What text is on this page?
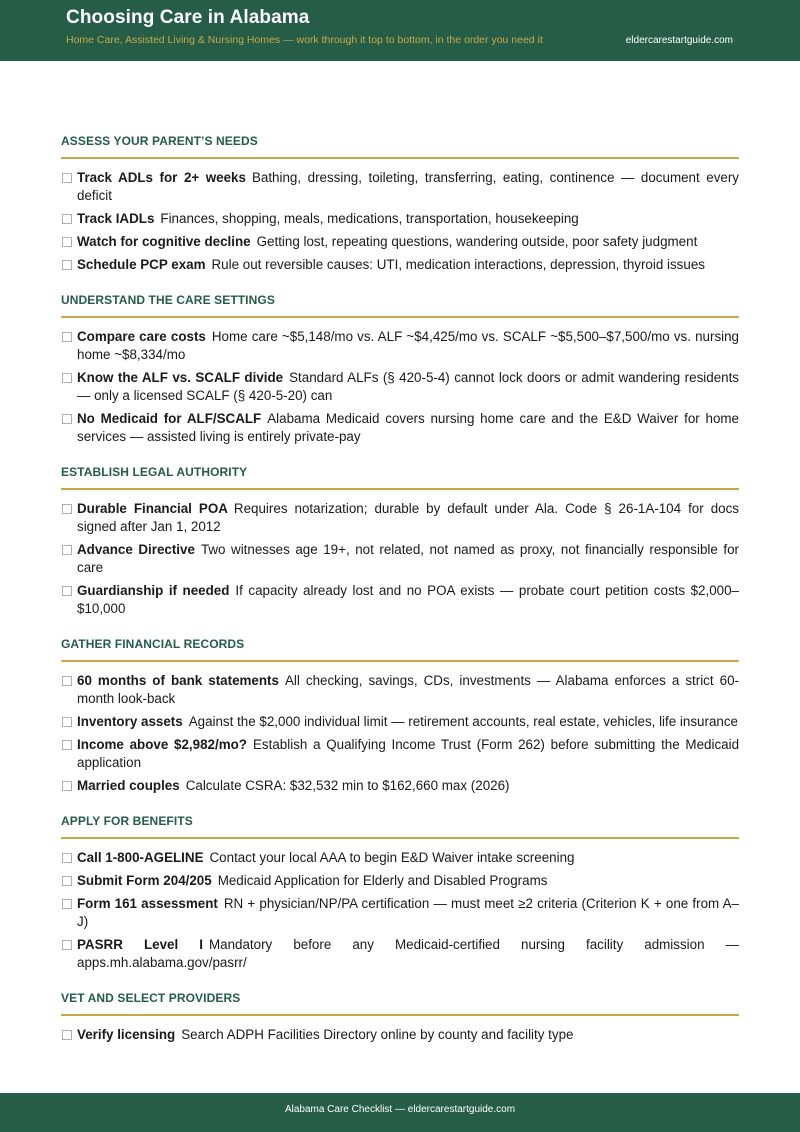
Choosing Care in Alabama
Home Care, Assisted Living & Nursing Homes — work through it top to bottom, in the order you need it	eldercarestartguide.com
ASSESS YOUR PARENT’S NEEDS
Track ADLs for 2+ weeks Bathing, dressing, toileting, transferring, eating, continence — document every deficit
Track IADLs Finances, shopping, meals, medications, transportation, housekeeping
Watch for cognitive decline Getting lost, repeating questions, wandering outside, poor safety judgment
Schedule PCP exam Rule out reversible causes: UTI, medication interactions, depression, thyroid issues
UNDERSTAND THE CARE SETTINGS
Compare care costs Home care ~$5,148/mo vs. ALF ~$4,425/mo vs. SCALF ~$5,500–$7,500/mo vs. nursing home ~$8,334/mo
Know the ALF vs. SCALF divide Standard ALFs (§ 420-5-4) cannot lock doors or admit wandering residents — only a licensed SCALF (§ 420-5-20) can
No Medicaid for ALF/SCALF Alabama Medicaid covers nursing home care and the E&D Waiver for home services — assisted living is entirely private-pay
ESTABLISH LEGAL AUTHORITY
Durable Financial POA Requires notarization; durable by default under Ala. Code § 26-1A-104 for docs signed after Jan 1, 2012
Advance Directive Two witnesses age 19+, not related, not named as proxy, not financially responsible for care
Guardianship if needed If capacity already lost and no POA exists — probate court petition costs $2,000–$10,000
GATHER FINANCIAL RECORDS
60 months of bank statements All checking, savings, CDs, investments — Alabama enforces a strict 60-month look-back
Inventory assets Against the $2,000 individual limit — retirement accounts, real estate, vehicles, life insurance
Income above $2,982/mo? Establish a Qualifying Income Trust (Form 262) before submitting the Medicaid application
Married couples Calculate CSRA: $32,532 min to $162,660 max (2026)
APPLY FOR BENEFITS
Call 1-800-AGELINE Contact your local AAA to begin E&D Waiver intake screening
Submit Form 204/205 Medicaid Application for Elderly and Disabled Programs
Form 161 assessment RN + physician/NP/PA certification — must meet ≥2 criteria (Criterion K + one from A–J)
PASRR Level I Mandatory before any Medicaid-certified nursing facility admission — apps.mh.alabama.gov/pasrr/
VET AND SELECT PROVIDERS
Verify licensing Search ADPH Facilities Directory online by county and facility type
Alabama Care Checklist — eldercarestartguide.com
